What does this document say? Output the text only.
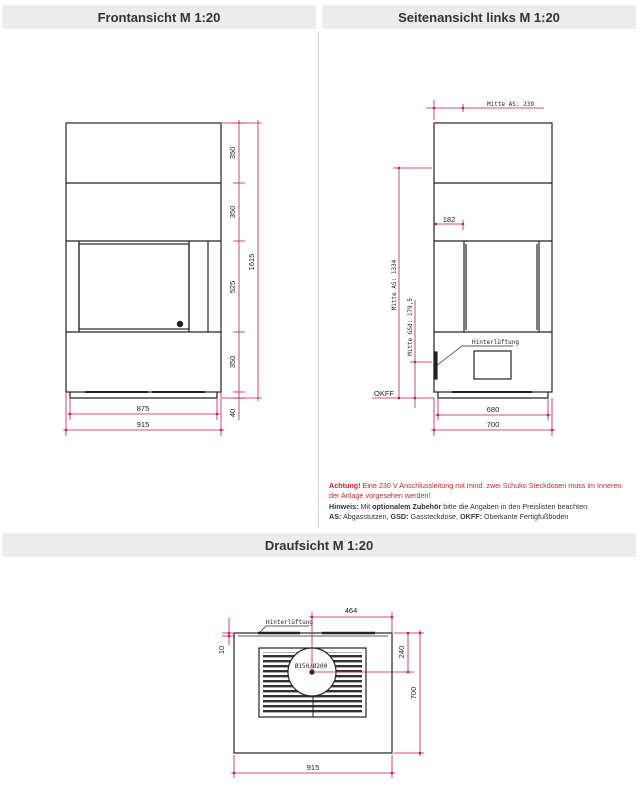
Frontansicht M 1:20	Seitenansicht links M 1:20
350
350
525
350
40
1615
875
915
Mitte AS: 239
182
Mitte AS: 1334
Mitte GSd: 179,5	Hinterlüftung
OKFF
680
700
464
Hinterlüftung
10	240
700
Ø150/Ø200
915
Achtung! Eine 230 V Anschlussleitung mit mind. zwei Schuko Steckdosen muss im Inneren der Anlage vorgesehen werden!
Hinweis: Mit optionalem Zubehör bitte die Angaben in den Preislisten beachten.
AS: Abgasstutzen, GSD: Gassteckdose, OKFF: Oberkante Fertigfußboden
Draufsicht M 1:20
